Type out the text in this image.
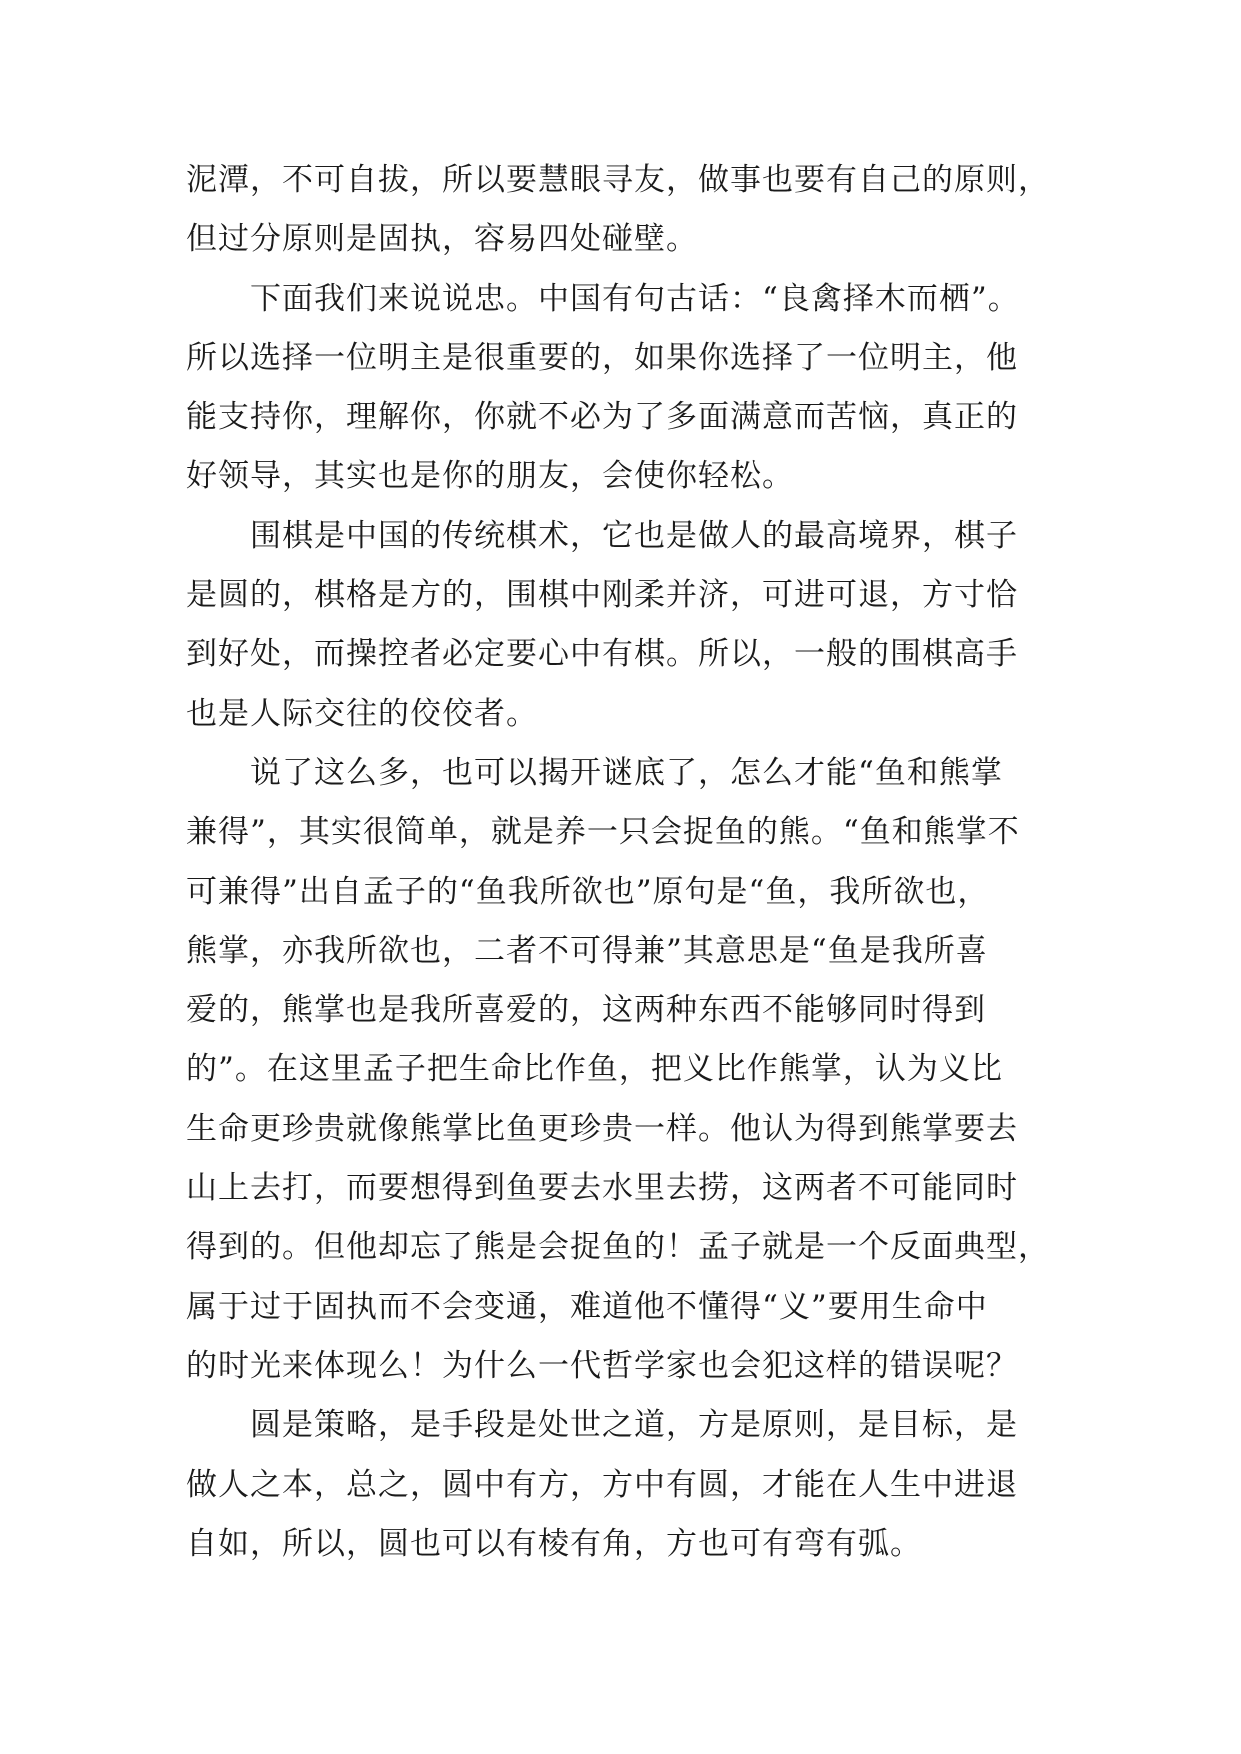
泥潭，不可自拔，所以要慧眼寻友，做事也要有自己的原则，
但过分原则是固执，容易四处碰壁。
下面我们来说说忠。中国有句古话：“良禽择木而栖”。
所以选择一位明主是很重要的，如果你选择了一位明主，他
能支持你，理解你，你就不必为了多面满意而苦恼，真正的
好领导，其实也是你的朋友，会使你轻松。
围棋是中国的传统棋术，它也是做人的最高境界，棋子
是圆的，棋格是方的，围棋中刚柔并济，可进可退，方寸恰
到好处，而操控者必定要心中有棋。所以，一般的围棋高手
也是人际交往的佼佼者。
说了这么多，也可以揭开谜底了，怎么才能“鱼和熊掌
兼得”，其实很简单，就是养一只会捉鱼的熊。“鱼和熊掌不
可兼得”出自孟子的“鱼我所欲也”原句是“鱼，我所欲也，
熊掌，亦我所欲也，二者不可得兼”其意思是“鱼是我所喜
爱的，熊掌也是我所喜爱的，这两种东西不能够同时得到
的”。在这里孟子把生命比作鱼，把义比作熊掌，认为义比
生命更珍贵就像熊掌比鱼更珍贵一样。他认为得到熊掌要去
山上去打，而要想得到鱼要去水里去捞，这两者不可能同时
得到的。但他却忘了熊是会捉鱼的！孟子就是一个反面典型，
属于过于固执而不会变通，难道他不懂得“义”要用生命中
的时光来体现么！为什么一代哲学家也会犯这样的错误呢？
圆是策略，是手段是处世之道，方是原则，是目标，是
做人之本，总之，圆中有方，方中有圆，才能在人生中进退
自如，所以，圆也可以有棱有角，方也可有弯有弧。
